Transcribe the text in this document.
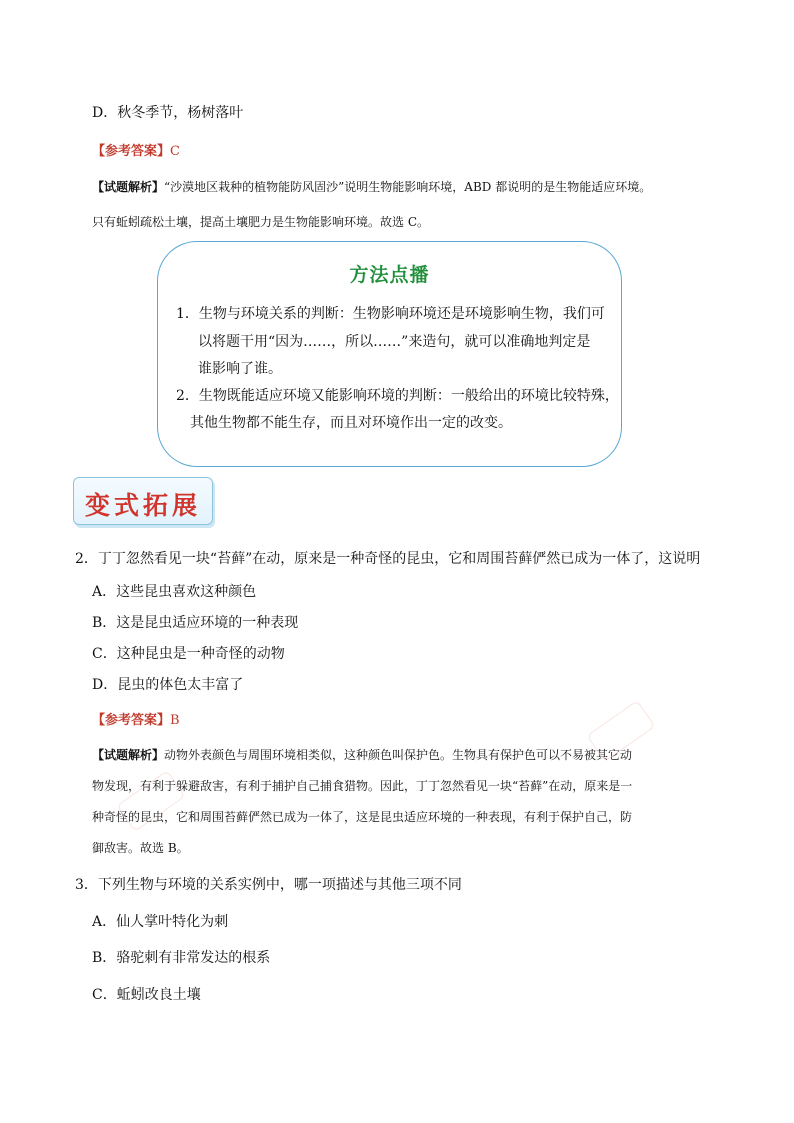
D．秋冬季节，杨树落叶
【参考答案】C
【试题解析】“沙漠地区栽种的植物能防风固沙”说明生物能影响环境，ABD 都说明的是生物能适应环境。
只有蚯蚓疏松土壤，提高土壤肥力是生物能影响环境。故选 C。
方法点播
1．生物与环境关系的判断：生物影响环境还是环境影响生物，我们可
以将题干用“因为……，所以……”来造句，就可以准确地判定是
谁影响了谁。
2．生物既能适应环境又能影响环境的判断：一般给出的环境比较特殊，
其他生物都不能生存，而且对环境作出一定的改变。
变式拓展
2．丁丁忽然看见一块“苔藓”在动，原来是一种奇怪的昆虫，它和周围苔藓俨然已成为一体了，这说明
A．这些昆虫喜欢这种颜色
B．这是昆虫适应环境的一种表现
C．这种昆虫是一种奇怪的动物
D．昆虫的体色太丰富了
【参考答案】B
【试题解析】动物外表颜色与周围环境相类似，这种颜色叫保护色。生物具有保护色可以不易被其它动
物发现，有利于躲避敌害，有利于捕护自己捕食猎物。因此，丁丁忽然看见一块“苔藓”在动，原来是一
种奇怪的昆虫，它和周围苔藓俨然已成为一体了，这是昆虫适应环境的一种表现，有利于保护自己，防
御敌害。故选 B。
3．下列生物与环境的关系实例中，哪一项描述与其他三项不同
A．仙人掌叶特化为刺
B．骆驼刺有非常发达的根系
C．蚯蚓改良土壤
